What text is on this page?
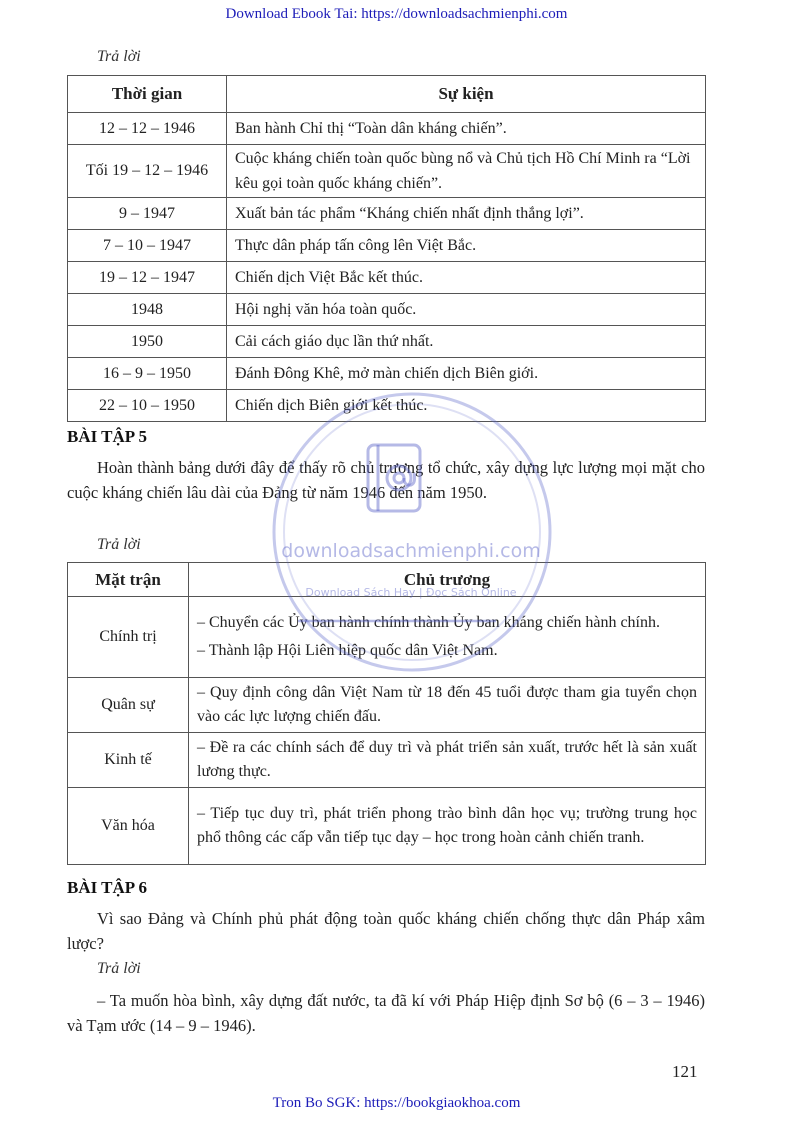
Download Ebook Tai: https://downloadsachmienphi.com
Trả lời
Thời gian	Sự kiện
12 – 12 – 1946	Ban hành Chỉ thị “Toàn dân kháng chiến”.
Tối 19 – 12 – 1946	Cuộc kháng chiến toàn quốc bùng nổ và Chủ tịch Hồ Chí Minh ra “Lời kêu gọi toàn quốc kháng chiến”.
9 – 1947	Xuất bản tác phẩm “Kháng chiến nhất định thắng lợi”.
7 – 10 – 1947	Thực dân pháp tấn công lên Việt Bắc.
19 – 12 – 1947	Chiến dịch Việt Bắc kết thúc.
1948	Hội nghị văn hóa toàn quốc.
1950	Cải cách giáo dục lần thứ nhất.
16 – 9 – 1950	Đánh Đông Khê, mở màn chiến dịch Biên giới.
22 – 10 – 1950	Chiến dịch Biên giới kết thúc.
BÀI TẬP 5
Hoàn thành bảng dưới đây để thấy rõ chủ trương tổ chức, xây dựng lực lượng mọi mặt cho cuộc kháng chiến lâu dài của Đảng từ năm 1946 đến năm 1950.
Trả lời
Mặt trận	Chủ trương
Chính trị	– Chuyển các Ủy ban hành chính thành Ủy ban kháng chiến hành chính.
– Thành lập Hội Liên hiệp quốc dân Việt Nam.

Quân sự	– Quy định công dân Việt Nam từ 18 đến 45 tuổi được tham gia tuyển chọn vào các lực lượng chiến đấu.
Kinh tế	– Đề ra các chính sách để duy trì và phát triển sản xuất, trước hết là sản xuất lương thực.
Văn hóa	– Tiếp tục duy trì, phát triển phong trào bình dân học vụ; trường trung học phổ thông các cấp vẫn tiếp tục dạy – học trong hoàn cảnh chiến tranh.
BÀI TẬP 6
Vì sao Đảng và Chính phủ phát động toàn quốc kháng chiến chống thực dân Pháp xâm lược?
Trả lời
– Ta muốn hòa bình, xây dựng đất nước, ta đã kí với Pháp Hiệp định Sơ bộ (6 – 3 – 1946) và Tạm ước (14 – 9 – 1946).
121
downloadsachmienphi.com
Download Sách Hay | Đọc Sách Online
Tron Bo SGK: https://bookgiaokhoa.com
